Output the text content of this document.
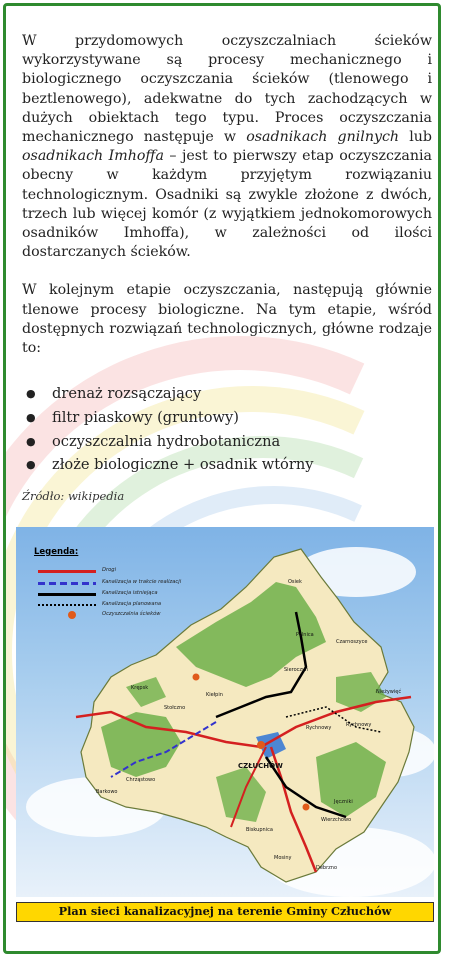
W przydomowych oczyszczalniach ścieków wykorzystywane są procesy mechanicznego i biologicznego oczyszczania ścieków (tlenowego i beztlenowego), adekwatne do tych zachodzących w dużych obiektach tego typu. Proces oczyszczania mechanicznego następuje w osadnikach gnilnych lub osadnikach Imhoffa – jest to pierwszy etap oczyszczania obecny w każdym przyjętym rozwiązaniu technologicznym. Osadniki są zwykle złożone z dwóch, trzech lub więcej komór (z wyjątkiem jednokomorowych osadników Imhoffa), w zależności od ilości dostarczanych ścieków.

W kolejnym etapie oczyszczania, następują głównie tlenowe procesy biologiczne. Na tym etapie, wśród dostępnych rozwiązań technologicznych, główne rodzaje to:

● drenaż rozsączający
● filtr piaskowy (gruntowy)
● oczyszczalnia hydrobotaniczna
● złoże biologiczne + osadnik wtórny
Źródło: wikipedia
CZŁUCHÓW
Osiek
Polnica
Rychnowy
Czarnoszyce
Sieroczyn
Biskupnica
Debrzno
Kiełpin
Rychnowy
Jęczniki
Wierzchowo
Chrząstowo
Nieżywięć
Barkowo
Krępsk
Stołczno
Mosiny
Legenda:
Drogi
Kanalizacja w trakcie realizacji
Kanalizacja istniejąca
Kanalizacja planowana
Oczyszczalnia ścieków
Plan sieci kanalizacyjnej na terenie Gminy Człuchów
